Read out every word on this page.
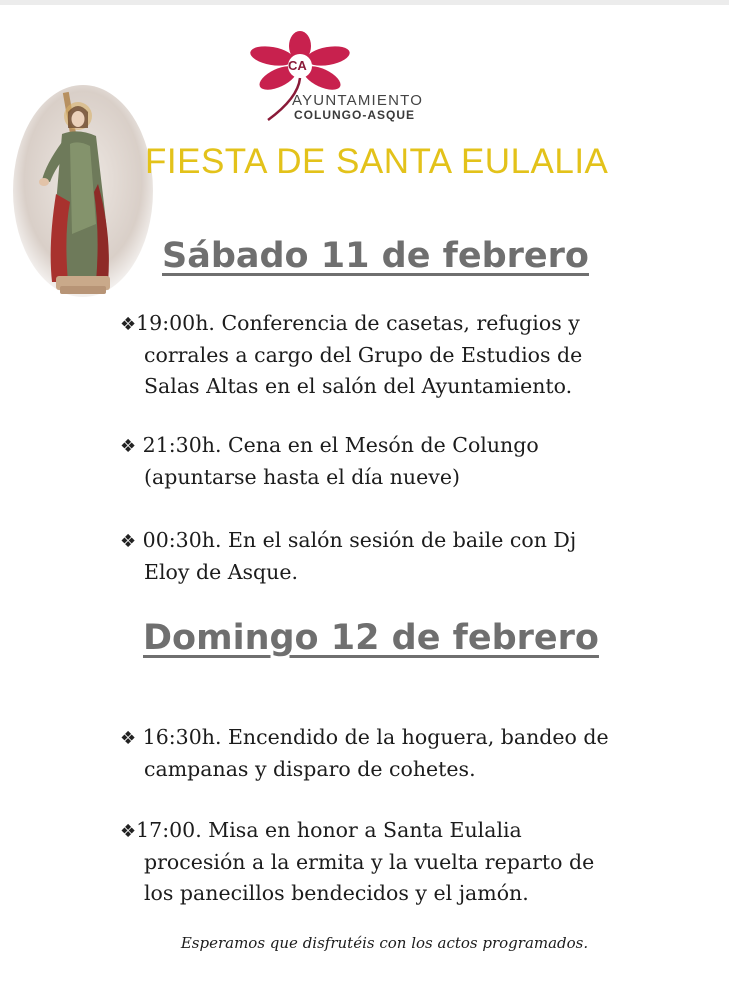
CA
AYUNTAMIENTO
COLUNGO-ASQUE
FIESTA DE SANTA EULALIA
Sábado 11 de febrero
❖19:00h. Conferencia de casetas, refugios y
corrales a cargo del Grupo de Estudios de
Salas Altas en el salón del Ayuntamiento.
❖ 21:30h. Cena en el Mesón de Colungo
(apuntarse hasta el día nueve)
❖ 00:30h. En el salón sesión de baile con Dj
Eloy de Asque.
Domingo 12 de febrero
❖ 16:30h. Encendido de la hoguera, bandeo de
campanas y disparo de cohetes.
❖17:00. Misa en honor a Santa Eulalia
procesión a la ermita y la vuelta reparto de
los panecillos bendecidos y el jamón.
Esperamos que disfrutéis con los actos programados.
